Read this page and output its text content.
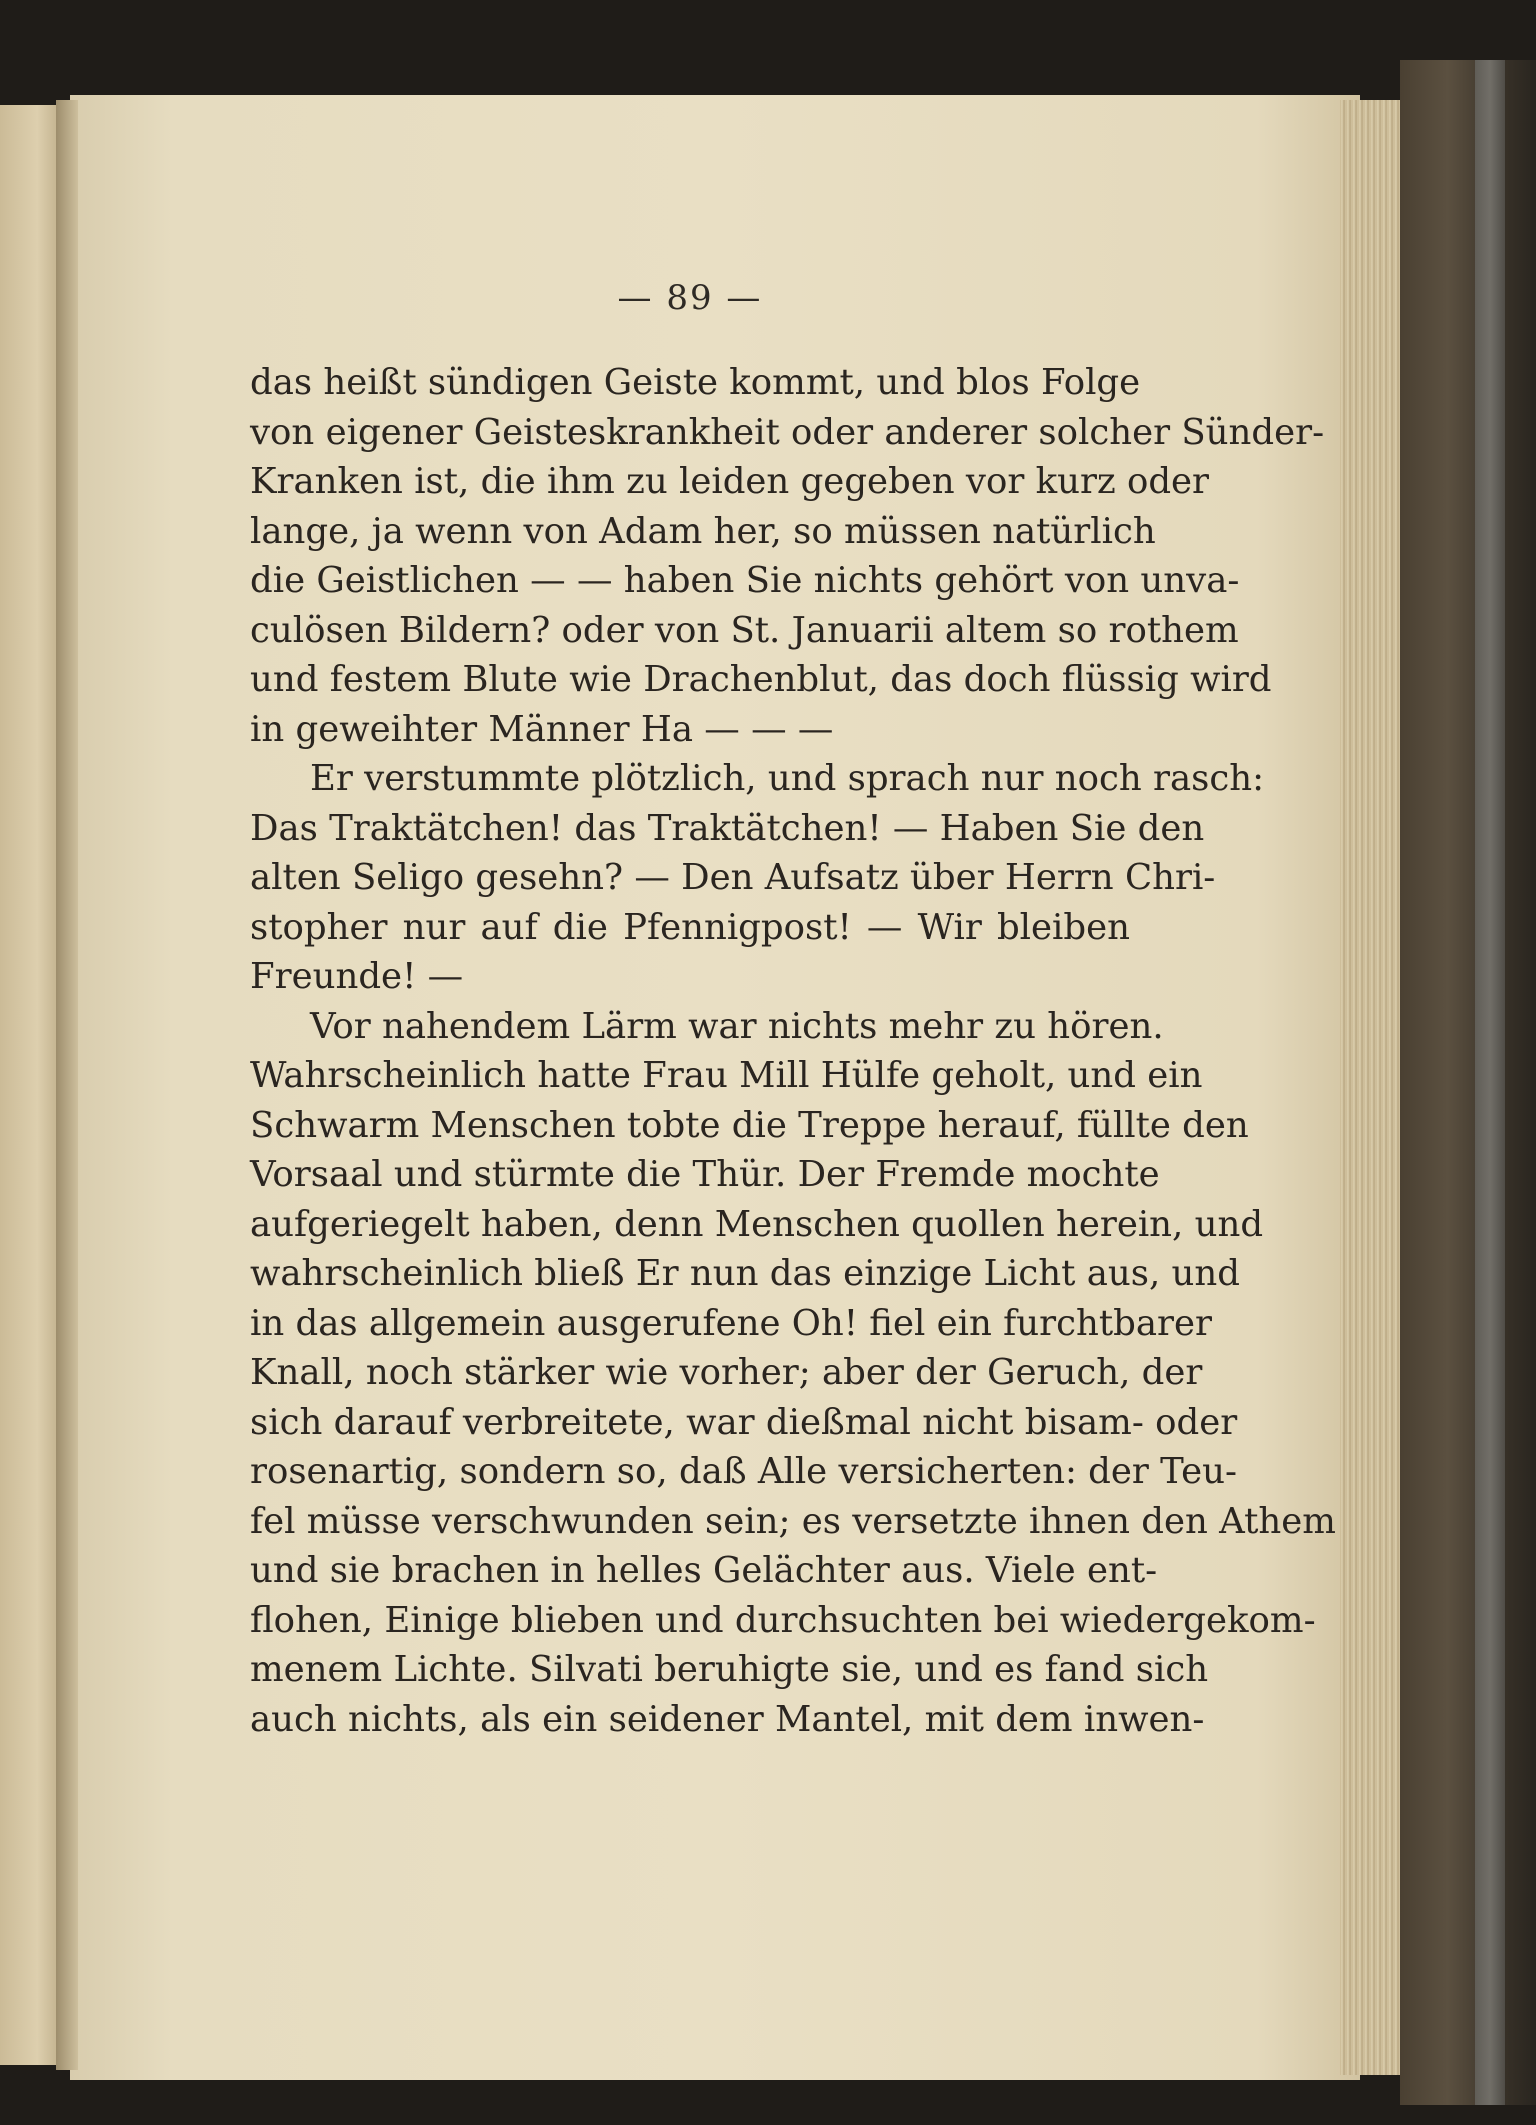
— 89 —
das heißt sündigen Geiste kommt, und blos Folge
von eigener Geisteskrankheit oder anderer solcher Sünder-
Kranken ist, die ihm zu leiden gegeben vor kurz oder
lange, ja wenn von Adam her, so müssen natürlich
die Geistlichen — — haben Sie nichts gehört von unva-
culösen Bildern? oder von St. Januarii altem so rothem
und festem Blute wie Drachenblut, das doch flüssig wird
in geweihter Männer Ha — — —
Er verstummte plötzlich, und sprach nur noch rasch:
Das Traktätchen! das Traktätchen! — Haben Sie den
alten Seligo gesehn? — Den Aufsatz über Herrn Chri-
stopher nur auf die Pfennigpost! — Wir bleiben
Freunde! —
Vor nahendem Lärm war nichts mehr zu hören.
Wahrscheinlich hatte Frau Mill Hülfe geholt, und ein
Schwarm Menschen tobte die Treppe herauf, füllte den
Vorsaal und stürmte die Thür. Der Fremde mochte
aufgeriegelt haben, denn Menschen quollen herein, und
wahrscheinlich bließ Er nun das einzige Licht aus, und
in das allgemein ausgerufene Oh! fiel ein furchtbarer
Knall, noch stärker wie vorher; aber der Geruch, der
sich darauf verbreitete, war dießmal nicht bisam- oder
rosenartig, sondern so, daß Alle versicherten: der Teu-
fel müsse verschwunden sein; es versetzte ihnen den Athem
und sie brachen in helles Gelächter aus. Viele ent-
flohen, Einige blieben und durchsuchten bei wiedergekom-
menem Lichte. Silvati beruhigte sie, und es fand sich
auch nichts, als ein seidener Mantel, mit dem inwen-
